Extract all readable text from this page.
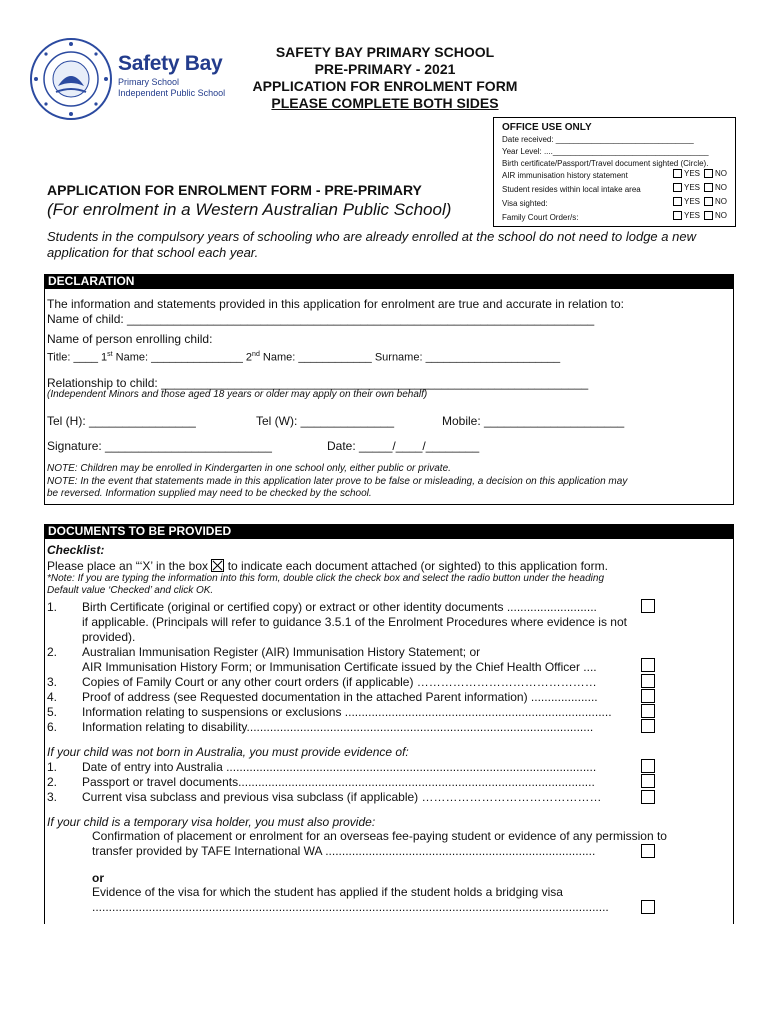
Safety Bay
Primary School
Independent Public School
SAFETY BAY PRIMARY SCHOOL
PRE-PRIMARY - 2021
APPLICATION FOR ENROLMENT FORM
PLEASE COMPLETE BOTH SIDES
OFFICE USE ONLY
Date received: _______________________________
Year Level: ....___________________________________
Birth certificate/Passport/Travel document sighted (Circle).
AIR immunisation history statement	YES NO
Student resides within local intake area	YES NO
Visa sighted:	YES NO
Family Court Order/s:	YES NO
APPLICATION FOR ENROLMENT FORM - PRE-PRIMARY
(For enrolment in a Western Australian Public School)
Students in the compulsory years of schooling who are already enrolled at the school do not need to lodge a new application for that school each year.
DECLARATION
The information and statements provided in this application for enrolment are true and accurate in relation to:
Name of child: ______________________________________________________________________
Name of person enrolling child:
Title: ____ 1st Name: _______________ 2nd Name: ____________ Surname: ______________________
Relationship to child: ________________________________________________________________
(Independent Minors and those aged 18 years or older may apply on their own behalf)
Tel (H): ________________	Tel (W): ______________	Mobile: _____________________
Signature: _________________________	Date: _____/____/________
NOTE: Children may be enrolled in Kindergarten in one school only, either public or private.
NOTE: In the event that statements made in this application later prove to be false or misleading, a decision on this application may
be reversed. Information supplied may need to be checked by the school.
DOCUMENTS TO BE PROVIDED
Checklist:
Please place an “‘X’ in the box to indicate each document attached (or sighted) to this application form.
*Note: If you are typing the information into this form, double click the check box and select the radio button under the heading
Default value ‘Checked’ and click OK.
1. Birth Certificate (original or certified copy) or extract or other identity documents ...........................
if applicable. (Principals will refer to guidance 3.5.1 of the Enrolment Procedures where evidence is not provided).
2. Australian Immunisation Register (AIR) Immunisation History Statement; or
AIR Immunisation History Form; or Immunisation Certificate issued by the Chief Health Officer ....
3. Copies of Family Court or any other court orders (if applicable) ………………………………………
4. Proof of address (see Requested documentation in the attached Parent information) ....................
5. Information relating to suspensions or exclusions ................................................................................
6. Information relating to disability........................................................................................................
If your child was not born in Australia, you must provide evidence of:
1. Date of entry into Australia ...............................................................................................................
2. Passport or travel documents...........................................................................................................
3. Current visa subclass and previous visa subclass (if applicable) ………………………………………
If your child is a temporary visa holder, you must also provide:
Confirmation of placement or enrolment for an overseas fee-paying student or evidence of any permission to
transfer provided by TAFE International WA .................................................................................
or
Evidence of the visa for which the student has applied if the student holds a bridging visa
...........................................................................................................................................................
